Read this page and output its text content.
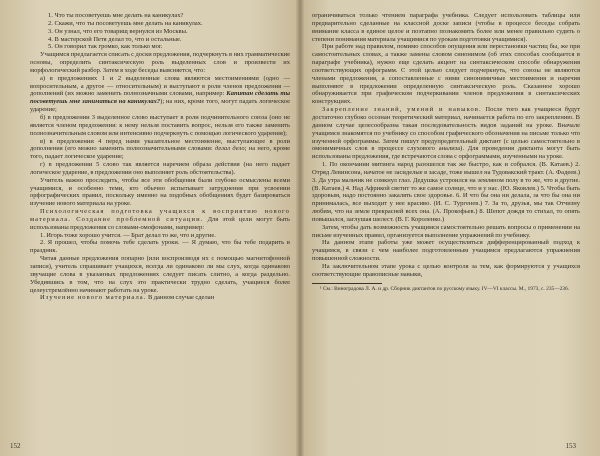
1. Что ты посоветуешь мне делать на каникулах?
2. Скажи, что ты посоветуешь мне делать на каникулах.
3. Он узнал, что его товарищ вернулся из Москвы.
4. В мастерской Петя делал то, что и остальные.
5. Он говорил так громко, как только мог.

Учащимся предлагается списать с доски предложения, подчеркнуть в них грамматические основы, определить синтаксическую роль выделенных слов и произвести их морфологический разбор. Затем в ходе беседы выясняется, что:

а) в предложениях 1 и 2 выделенные слова являются местоимениями (одно — вопросительным, а другое — относительным) и выступают в роли членов предложения — дополнений (их можно заменить полнозначными словами, например: Капитан сделать ты посоветуешь мне заниматься на каникулах?); на них, кроме того, могут падать логическое ударение;

б) в предложении 3 выделенное слово выступает в роли подчинительного союза (оно не является членом предложения: к нему нельзя поставить вопрос, нельзя его также заменить полнозначительным словом или интенсивно подчеркнуть с помощью логического ударения);

в) в предложении 4 перед нами указательное местоимение, выступающее в роли дополнения (его можно заменить полнозначительными словами: делал дело; на него, кроме того, падает логическое ударение;

г) в предложении 5 слово так является наречием образа действия (на него падает логическое ударение, в предложении оно выполняет роль обстоятельства).

Учитель важно проследить, чтобы все эти обобщения были глубоко осмыслены всеми учащимися, и особенно теми, кто обычно испытывает затруднения при усвоении орфографических правил, поскольку именно на подобных обобщениях будет базироваться изучение нового материала на уроке.

Психологическая подготовка учащихся к восприятию нового материала. Создание проблемной ситуации. Для этой цели могут быть использованы предложения со словами-омофонами, например:

1. Игорь тоже хорошо учится. — Брат делал то же, что и другие.

2. Я прошел, чтобы помочь тебе сделать уроки. — Я думаю, что бы тебе подарить в праздник.

Читая данные предложения попарно (или воспроизводя их с помощью магнитофонной записи), учитель спрашивает учащихся, всегда ли одинаково ли мы слух, когда одинаково звучащие слова в указанных предложениях следует писать слитно, а когда раздельно. Убедившись в том, что на слух это практически трудно сделать, учащиеся более целеустремлённо начинают работать на уроке.

Изучение нового материала. В данном случае сделан

152

ограничиваться только чтением параграфа учебника. Следует использовать таблицы или предварительно сделанные на классной доске записи (чтобы в процессе беседы собрать внимание класса в единое целое и поэтапно познакомить более или менее правильно судить о степени понимания материала учащимися по урокам подготовки учащимися).

При работе над правилом, помимо способов опущения или перестановки частиц бы, же при самостоятельных словах, а также замены словом синонимом (об этих способах сообщается в параграфе учебника), нужно еще сделать акцент на синтаксическом способе обнаружения соответствующих орфограмм. С этой целью следует подчеркнуть, что союзы не являются членами предложения, а сопоставленные с ними синонимичные местоимения и наречия выполняют в предложении определенную синтаксическую роль. Сказанное хорошо обнаруживается при графическом подчеркивании членов предложения в синтаксических конструкциях.

Закрепление знаний, умений и навыков. После того как учащиеся будут достаточно глубоко осознан теоретический материал, начинается работа по его закреплению. В данном случае целесообразна такая последовательность видов заданий на уроке. Вначале учащимся знакомятся по учебнику со способом графического обозначения на письме только что изученной орфограммы. Затем пишут предупредительный диктант (с целью самостоятельно в омонимичных слов в процессе слухового анализа). Для проведения диктанта могут быть использованы предложения, где встречаются слова с орфограммами, изученными на уроке.

1. По окончании митинга народ разошелся так же быстро, как и собрался. (В. Катаев.) 2. Отряд Левинсона, начатое не засиделые в засаде, тоже вышел на Тудовакский тракт. (А. Фадеев.) 3. Да утра мальчик не сомкнул глаз. Дедушка устроился на земляном полу в то же, что и другие. (В. Катаев.) 4. Над Африкой светит то же самое солнце, что и у нас. (Ю. Яковлев.) 5. Чтобы быть здоровым, надо постоянно закалять свое здоровье. 6. И что бы она ни делала, за что бы она ни принималась, все выходит у нее красиво. (И. С. Тургенев.) 7. За то, друзья, мы так Отчизну любим, что на земле прекрасней всех она. (А. Прокофьев.) 8. Шепот дождя то стихал, то опять повышался, заглушая шелест. (В. Г. Короленко.)

Затем, чтобы дать возможность учащимся самостоятельно решать вопросы о применении на письме изученных правил, организуется выполнение упражнений по учебнику.

На данном этапе работы уже может осуществляться дифференцированный подход к учащимся, в связи с чем наиболее подготовленным учащимся предлагаются упражнения повышенной сложности.

На заключительном этапе урока с целью контроля за тем, как формируются у учащихся соответствующие правописные навыки,

¹ См.: Виноградова Л. А. и др. Сборник диктантов по русскому языку. IV—VI классы. М., 1973, с. 235—236.

153
